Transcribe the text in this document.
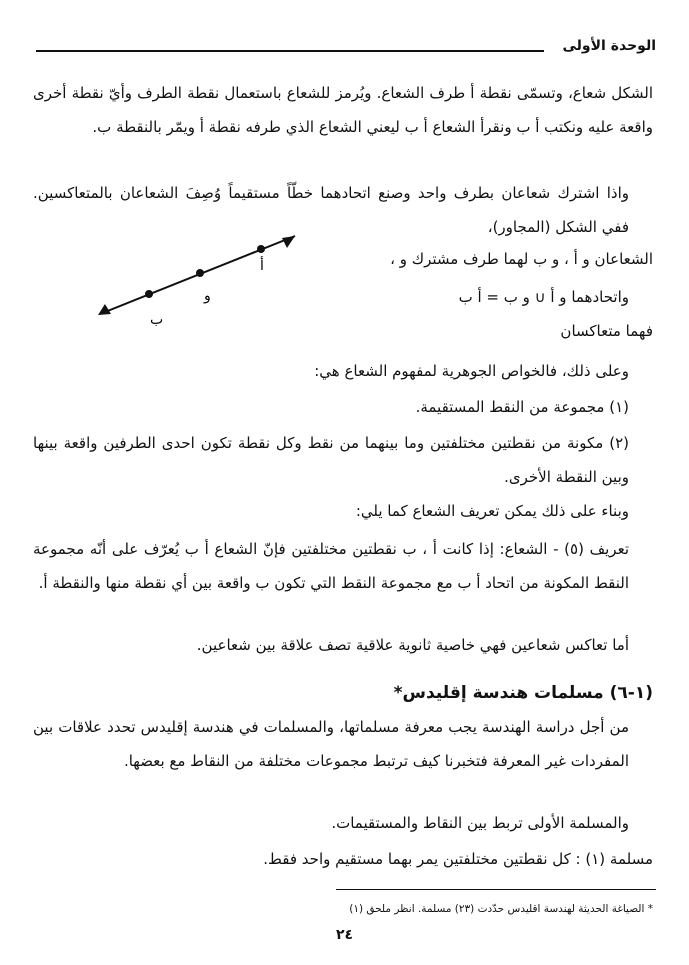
الوحدة الأولى

الشكل شعاع، وتسمّى نقطة أ طرف الشعاع. ويُرمز للشعاع باستعمال نقطة الطرف وأيّ نقطة أخرى واقعة عليه ونكتب أ ب ونقرأ الشعاع أ ب ليعني الشعاع الذي طرفه نقطة أ ويمّر بالنقطة ب.

واذا اشترك شعاعان بطرف واحد وصنع اتحادهما خطّاً مستقيماً وُصِفَ الشعاعان بالمتعاكسين. ففي الشكل (المجاور)،

الشعاعان و أ ، و ب لهما طرف مشترك و ،

واتحادهما و أ ∪ و ب = أ ب

فهما متعاكسان

أ
و
ب

وعلى ذلك، فالخواص الجوهرية لمفهوم الشعاع هي:

(١) مجموعة من النقط المستقيمة.

(٢) مكونة من نقطتين مختلفتين وما بينهما من نقط وكل نقطة تكون احدى الطرفين واقعة بينها وبين النقطة الأخرى.

وبناء على ذلك يمكن تعريف الشعاع كما يلي:

تعريف (٥) - الشعاع: إذا كانت أ ، ب نقطتين مختلفتين فإنّ الشعاع أ ب يُعرّف على أنّه مجموعة النقط المكونة من اتحاد أ ب مع مجموعة النقط التي تكون ب واقعة بين أي نقطة منها والنقطة أ.

أما تعاكس شعاعين فهي خاصية ثانوية علاقية تصف علاقة بين شعاعين.

(١-٦) مسلمات هندسة إقليدس*

من أجل دراسة الهندسة يجب معرفة مسلماتها، والمسلمات في هندسة إقليدس تحدد علاقات بين المفردات غير المعرفة فتخبرنا كيف ترتبط مجموعات مختلفة من النقاط مع بعضها.

والمسلمة الأولى تربط بين النقاط والمستقيمات.

مسلمة (١) : كل نقطتين مختلفتين يمر بهما مستقيم واحد فقط.

* الصياغة الحديثة لهندسة اقليدس حدّدت (٢٣) مسلمة. انظر ملحق (١)
٢٤
